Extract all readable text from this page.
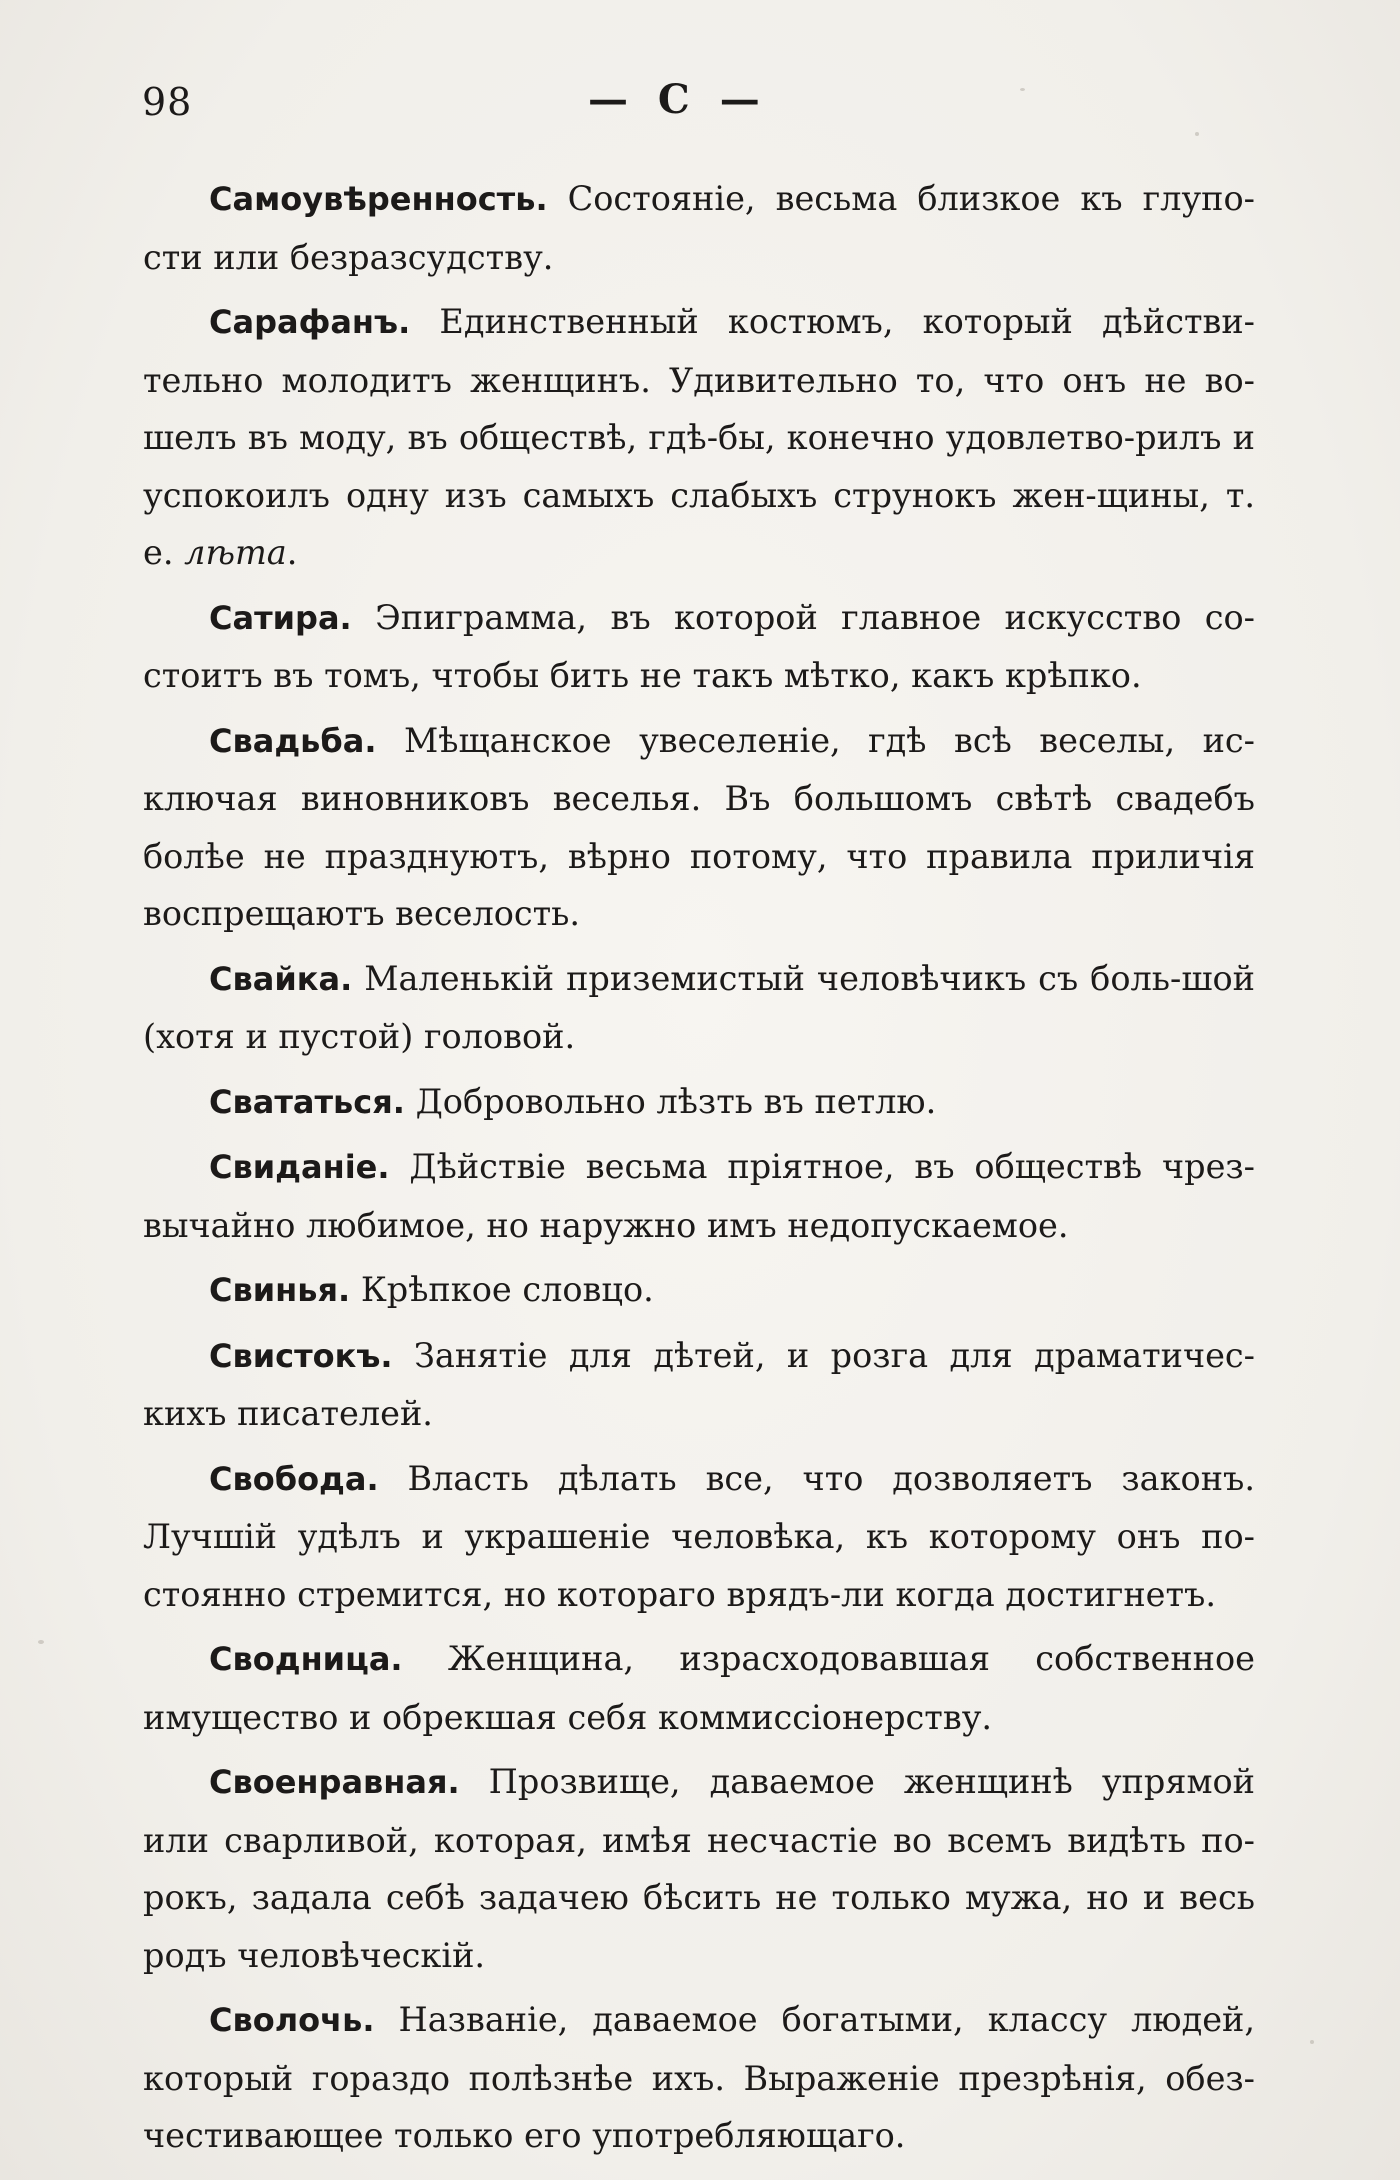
98	— С —

Самоувѣренность. Состояніе, весьма близкое къ глупо-сти или безразсудству.

Сарафанъ. Единственный костюмъ, который дѣйстви-тельно молодитъ женщинъ. Удивительно то, что онъ не во-шелъ въ моду, въ обществѣ, гдѣ-бы, конечно удовлетво-рилъ и успокоилъ одну изъ самыхъ слабыхъ струнокъ жен-щины, т. е. лѣта.

Сатира. Эпиграмма, въ которой главное искусство со-стоитъ въ томъ, чтобы бить не такъ мѣтко, какъ крѣпко.

Свадьба. Мѣщанское увеселеніе, гдѣ всѣ веселы, ис-ключая виновниковъ веселья. Въ большомъ свѣтѣ свадебъ болѣе не празднуютъ, вѣрно потому, что правила приличія воспрещаютъ веселость.

Свайка. Маленькій приземистый человѣчикъ съ боль-шой (хотя и пустой) головой.

Свататься. Добровольно лѣзть въ петлю.

Свиданіе. Дѣйствіе весьма пріятное, въ обществѣ чрез-вычайно любимое, но наружно имъ недопускаемое.

Свинья. Крѣпкое словцо.

Свистокъ. Занятіе для дѣтей, и розга для драматичес-кихъ писателей.

Свобода. Власть дѣлать все, что дозволяетъ законъ. Лучшій удѣлъ и украшеніе человѣка, къ которому онъ по-стоянно стремится, но котораго врядъ-ли когда достигнетъ.

Сводница. Женщина, израсходовавшая собственное имущество и обрекшая себя коммиссіонерству.

Своенравная. Прозвище, даваемое женщинѣ упрямой или сварливой, которая, имѣя несчастіе во всемъ видѣть по-рокъ, задала себѣ задачею бѣсить не только мужа, но и весь родъ человѣческій.

Сволочь. Названіе, даваемое богатыми, классу людей, который гораздо полѣзнѣе ихъ. Выраженіе презрѣнія, обез-честивающее только его употребляющаго.
